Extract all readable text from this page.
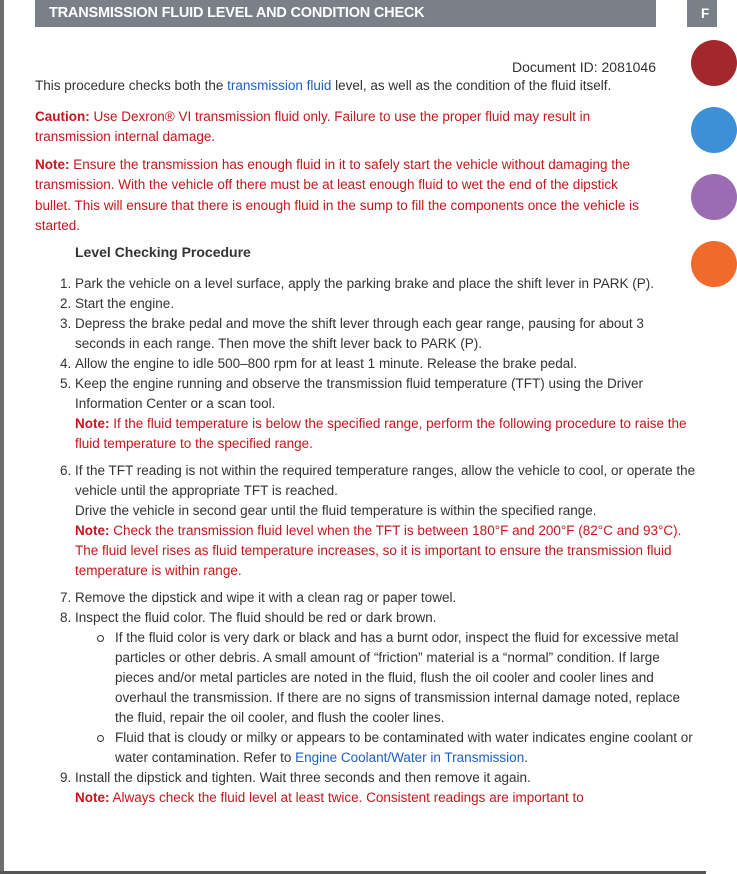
TRANSMISSION FLUID LEVEL AND CONDITION CHECK
Document ID: 2081046
This procedure checks both the transmission fluid level, as well as the condition of the fluid itself.
Caution: Use Dexron® VI transmission fluid only. Failure to use the proper fluid may result in transmission internal damage.
Note: Ensure the transmission has enough fluid in it to safely start the vehicle without damaging the transmission. With the vehicle off there must be at least enough fluid to wet the end of the dipstick bullet. This will ensure that there is enough fluid in the sump to fill the components once the vehicle is started.
Level Checking Procedure
1. Park the vehicle on a level surface, apply the parking brake and place the shift lever in PARK (P).
2. Start the engine.
3. Depress the brake pedal and move the shift lever through each gear range, pausing for about 3 seconds in each range. Then move the shift lever back to PARK (P).
4. Allow the engine to idle 500–800 rpm for at least 1 minute. Release the brake pedal.
5. Keep the engine running and observe the transmission fluid temperature (TFT) using the Driver Information Center or a scan tool.
Note: If the fluid temperature is below the specified range, perform the following procedure to raise the fluid temperature to the specified range.
6. If the TFT reading is not within the required temperature ranges, allow the vehicle to cool, or operate the vehicle until the appropriate TFT is reached.
Drive the vehicle in second gear until the fluid temperature is within the specified range.
Note: Check the transmission fluid level when the TFT is between 180°F and 200°F (82°C and 93°C). The fluid level rises as fluid temperature increases, so it is important to ensure the transmission fluid temperature is within range.
7. Remove the dipstick and wipe it with a clean rag or paper towel.
8. Inspect the fluid color. The fluid should be red or dark brown.
If the fluid color is very dark or black and has a burnt odor, inspect the fluid for excessive metal particles or other debris. A small amount of “friction” material is a “normal” condition. If large pieces and/or metal particles are noted in the fluid, flush the oil cooler and cooler lines and overhaul the transmission. If there are no signs of transmission internal damage noted, replace the fluid, repair the oil cooler, and flush the cooler lines.
Fluid that is cloudy or milky or appears to be contaminated with water indicates engine coolant or water contamination. Refer to Engine Coolant/Water in Transmission.
9. Install the dipstick and tighten. Wait three seconds and then remove it again.
Note: Always check the fluid level at least twice. Consistent readings are important to
F
